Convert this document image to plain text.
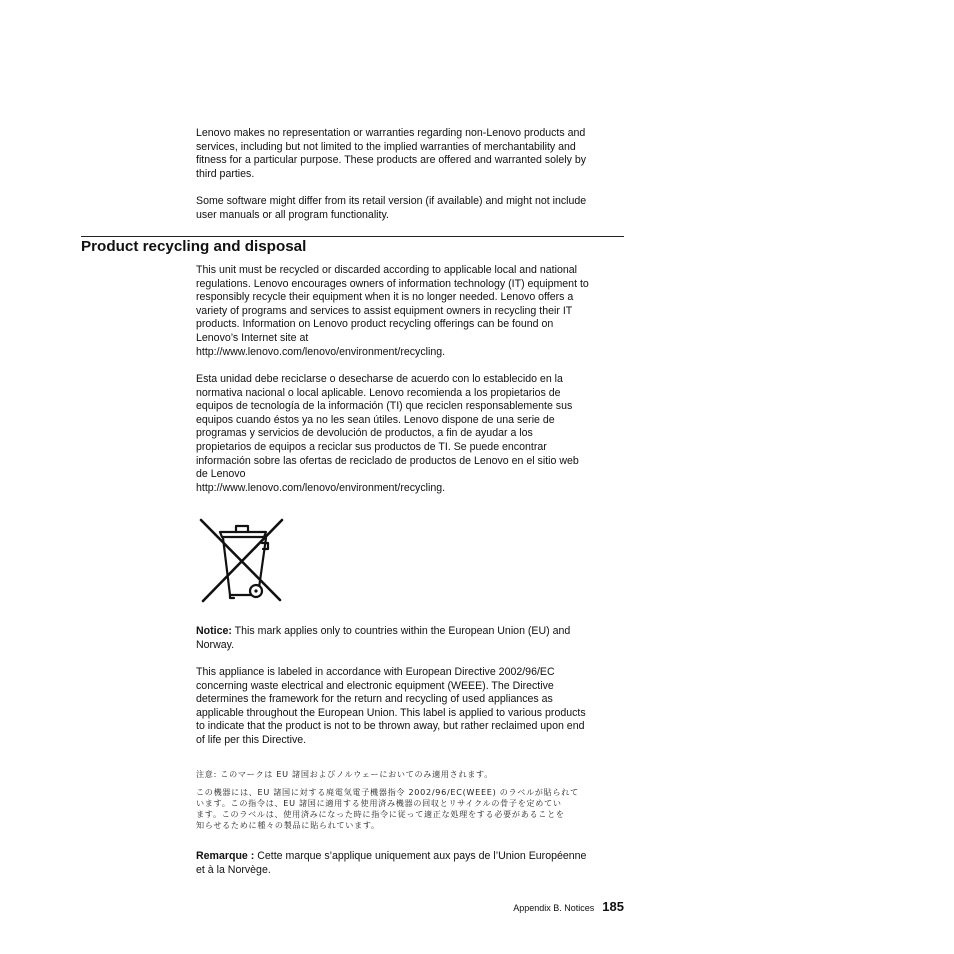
Lenovo makes no representation or warranties regarding non-Lenovo products and
services, including but not limited to the implied warranties of merchantability and
fitness for a particular purpose. These products are offered and warranted solely by
third parties.
Some software might differ from its retail version (if available) and might not include
user manuals or all program functionality.
Product recycling and disposal
This unit must be recycled or discarded according to applicable local and national
regulations. Lenovo encourages owners of information technology (IT) equipment to
responsibly recycle their equipment when it is no longer needed. Lenovo offers a
variety of programs and services to assist equipment owners in recycling their IT
products. Information on Lenovo product recycling offerings can be found on
Lenovo’s Internet site at
http://www.lenovo.com/lenovo/environment/recycling.
Esta unidad debe reciclarse o desecharse de acuerdo con lo establecido en la
normativa nacional o local aplicable. Lenovo recomienda a los propietarios de
equipos de tecnología de la información (TI) que reciclen responsablemente sus
equipos cuando éstos ya no les sean útiles. Lenovo dispone de una serie de
programas y servicios de devolución de productos, a fin de ayudar a los
propietarios de equipos a reciclar sus productos de TI. Se puede encontrar
información sobre las ofertas de reciclado de productos de Lenovo en el sitio web
de Lenovo
http://www.lenovo.com/lenovo/environment/recycling.
Notice: This mark applies only to countries within the European Union (EU) and
Norway.
This appliance is labeled in accordance with European Directive 2002/96/EC
concerning waste electrical and electronic equipment (WEEE). The Directive
determines the framework for the return and recycling of used appliances as
applicable throughout the European Union. This label is applied to various products
to indicate that the product is not to be thrown away, but rather reclaimed upon end
of life per this Directive.
注意: このマークは EU 諸国およびノルウェーにおいてのみ適用されます。
この機器には、EU 諸国に対する廃電気電子機器指令 2002/96/EC(WEEE) のラベルが貼られて
います。この指令は、EU 諸国に適用する使用済み機器の回収とリサイクルの骨子を定めてい
ます。このラベルは、使用済みになった時に指令に従って適正な処理をする必要があることを
知らせるために種々の製品に貼られています。
Remarque : Cette marque s’applique uniquement aux pays de l’Union Européenne
et à la Norvège.
Appendix B. Notices 185
